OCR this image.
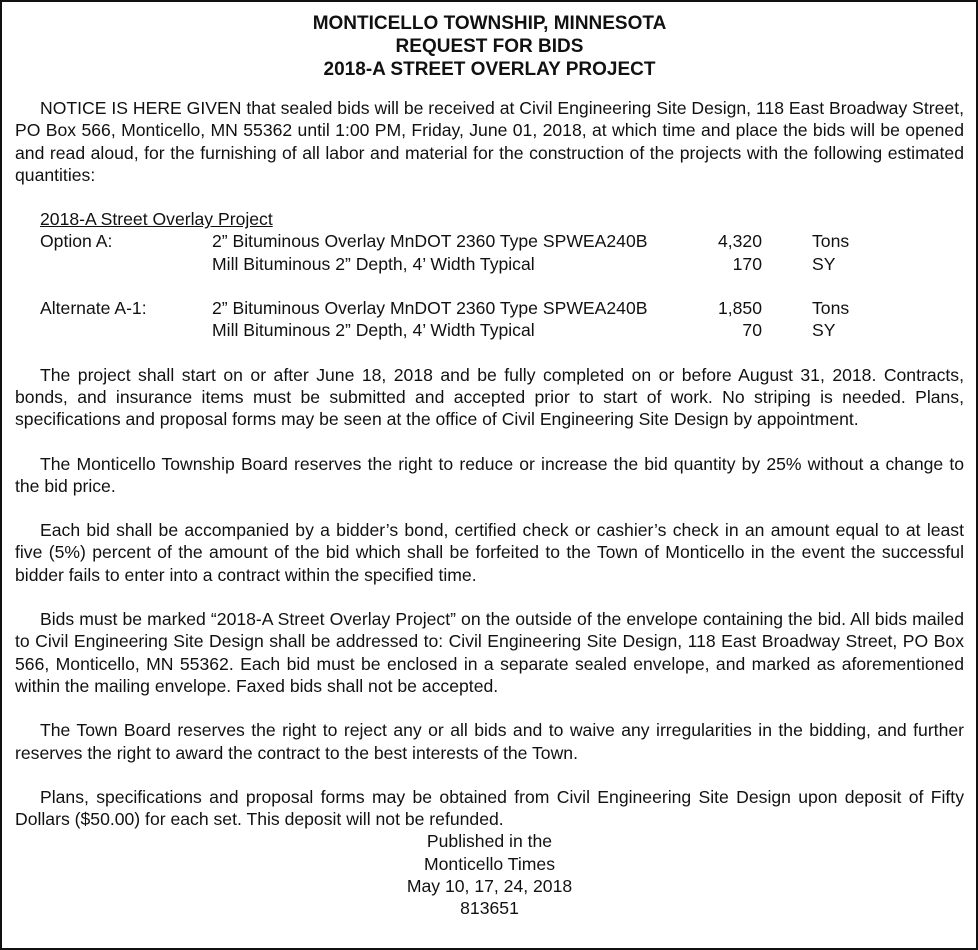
MONTICELLO TOWNSHIP, MINNESOTA
REQUEST FOR BIDS
2018-A STREET OVERLAY PROJECT

NOTICE IS HERE GIVEN that sealed bids will be received at Civil Engineering Site Design, 118 East Broadway Street, PO Box 566, Monticello, MN 55362 until 1:00 PM, Friday, June 01, 2018, at which time and place the bids will be opened and read aloud, for the furnishing of all labor and material for the construction of the projects with the following estimated quantities:

2018-A Street Overlay Project
Option A:	2” Bituminous Overlay MnDOT 2360 Type SPWEA240B	4,320	Tons
	Mill Bituminous 2” Depth, 4’ Width Typical	170	SY

Alternate A-1:	2” Bituminous Overlay MnDOT 2360 Type SPWEA240B	1,850	Tons
	Mill Bituminous 2” Depth, 4’ Width Typical	70	SY

The project shall start on or after June 18, 2018 and be fully completed on or before August 31, 2018. Contracts, bonds, and insurance items must be submitted and accepted prior to start of work. No striping is needed. Plans, specifications and proposal forms may be seen at the office of Civil Engineering Site Design by appointment.

The Monticello Township Board reserves the right to reduce or increase the bid quantity by 25% without a change to the bid price.

Each bid shall be accompanied by a bidder’s bond, certified check or cashier’s check in an amount equal to at least five (5%) percent of the amount of the bid which shall be forfeited to the Town of Monticello in the event the successful bidder fails to enter into a contract within the specified time.

Bids must be marked “2018-A Street Overlay Project” on the outside of the envelope containing the bid. All bids mailed to Civil Engineering Site Design shall be addressed to: Civil Engineering Site Design, 118 East Broadway Street, PO Box 566, Monticello, MN 55362. Each bid must be enclosed in a separate sealed envelope, and marked as aforementioned within the mailing envelope. Faxed bids shall not be accepted.

The Town Board reserves the right to reject any or all bids and to waive any irregularities in the bidding, and further reserves the right to award the contract to the best interests of the Town.

Plans, specifications and proposal forms may be obtained from Civil Engineering Site Design upon deposit of Fifty Dollars ($50.00) for each set. This deposit will not be refunded.

Published in the
Monticello Times
May 10, 17, 24, 2018
813651
